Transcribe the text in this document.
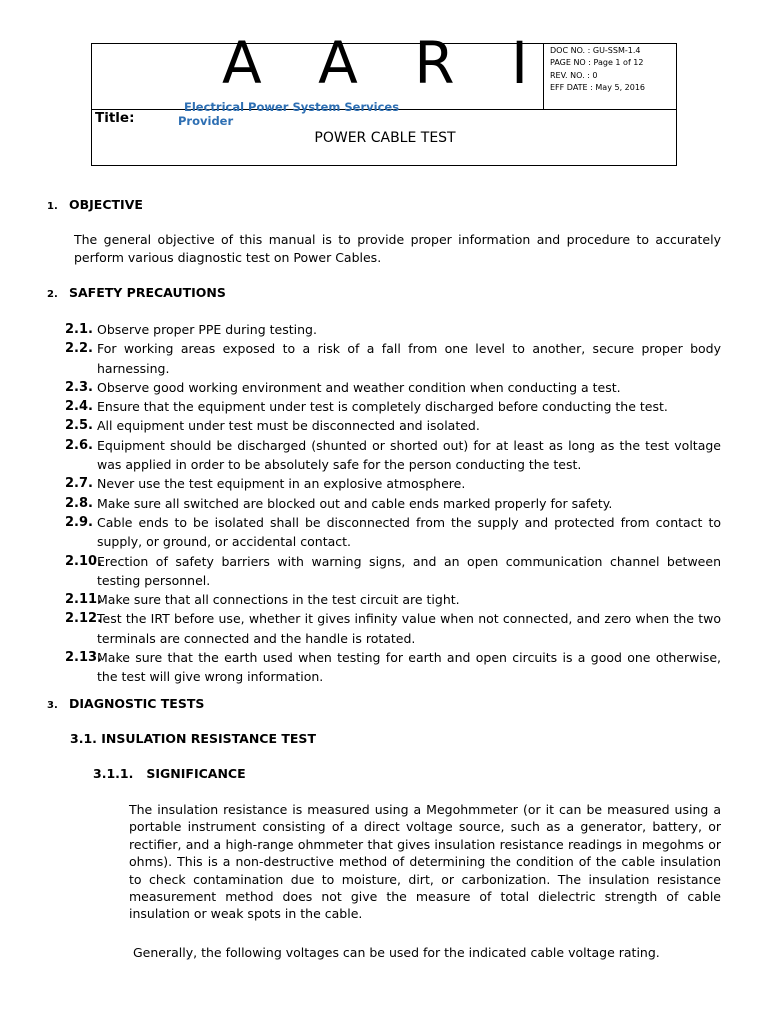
A A R I
Electrical Power System Services
Provider
DOC NO. : GU-SSM-1.4
PAGE NO : Page 1 of 12
REV. NO. : 0
EFF DATE : May 5, 2016
Title:
POWER CABLE TEST
1. OBJECTIVE
The general objective of this manual is to provide proper information and procedure to accurately perform various diagnostic test on Power Cables.
2. SAFETY PRECAUTIONS
2.1. Observe proper PPE during testing.
2.2. For working areas exposed to a risk of a fall from one level to another, secure proper body harnessing.
2.3. Observe good working environment and weather condition when conducting a test.
2.4. Ensure that the equipment under test is completely discharged before conducting the test.
2.5. All equipment under test must be disconnected and isolated.
2.6. Equipment should be discharged (shunted or shorted out) for at least as long as the test voltage was applied in order to be absolutely safe for the person conducting the test.
2.7. Never use the test equipment in an explosive atmosphere.
2.8. Make sure all switched are blocked out and cable ends marked properly for safety.
2.9. Cable ends to be isolated shall be disconnected from the supply and protected from contact to supply, or ground, or accidental contact.
2.10.
Erection of safety barriers with warning signs, and an open communication channel between testing personnel.
2.11.
Make sure that all connections in the test circuit are tight.
2.12.
Test the IRT before use, whether it gives infinity value when not connected, and zero when the two terminals are connected and the handle is rotated.
2.13.
Make sure that the earth used when testing for earth and open circuits is a good one otherwise, the test will give wrong information.
3. DIAGNOSTIC TESTS
3.1. INSULATION RESISTANCE TEST
3.1.1.   SIGNIFICANCE
The insulation resistance is measured using a Megohmmeter (or it can be measured using a portable instrument consisting of a direct voltage source, such as a generator, battery, or rectifier, and a high-range ohmmeter that gives insulation resistance readings in megohms or ohms). This is a non-destructive method of determining the condition of the cable insulation to check contamination due to moisture, dirt, or carbonization. The insulation resistance measurement method does not give the measure of total dielectric strength of cable insulation or weak spots in the cable.
Generally, the following voltages can be used for the indicated cable voltage rating.
